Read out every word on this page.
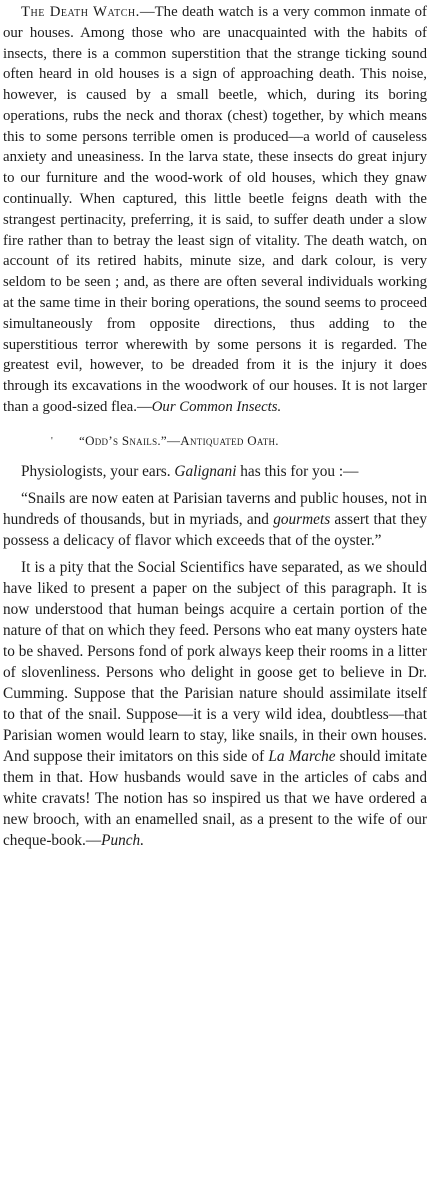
The Death Watch.—The death watch is a very common inmate of our houses. Among those who are unacquainted with the habits of insects, there is a common superstition that the strange ticking sound often heard in old houses is a sign of approaching death. This noise, however, is caused by a small beetle, which, during its boring operations, rubs the neck and thorax (chest) together, by which means this to some persons terrible omen is produced—a world of causeless anxiety and uneasiness. In the larva state, these insects do great injury to our furniture and the wood-work of old houses, which they gnaw continually. When captured, this little beetle feigns death with the strangest pertinacity, preferring, it is said, to suffer death under a slow fire rather than to betray the least sign of vitality. The death watch, on account of its retired habits, minute size, and dark colour, is very seldom to be seen ; and, as there are often several individuals working at the same time in their boring operations, the sound seems to proceed simultaneously from opposite directions, thus adding to the superstitious terror wherewith by some persons it is regarded. The greatest evil, however, to be dreaded from it is the injury it does through its excavations in the woodwork of our houses. It is not larger than a good-sized flea.—Our Common Insects.

' “Odd’s Snails.”—Antiquated Oath.

Physiologists, your ears. Galignani has this for you :—

“Snails are now eaten at Parisian taverns and public houses, not in hundreds of thousands, but in myriads, and gourmets assert that they possess a delicacy of flavor which exceeds that of the oyster.”

It is a pity that the Social Scientifics have separated, as we should have liked to present a paper on the subject of this paragraph. It is now understood that human beings acquire a certain portion of the nature of that on which they feed. Persons who eat many oysters hate to be shaved. Persons fond of pork always keep their rooms in a litter of slovenliness. Persons who delight in goose get to believe in Dr. Cumming. Suppose that the Parisian nature should assimilate itself to that of the snail. Suppose—it is a very wild idea, doubtless—that Parisian women would learn to stay, like snails, in their own houses. And suppose their imitators on this side of La Marche should imitate them in that. How husbands would save in the articles of cabs and white cravats! The notion has so inspired us that we have ordered a new brooch, with an enamelled snail, as a present to the wife of our cheque-book.—Punch.
